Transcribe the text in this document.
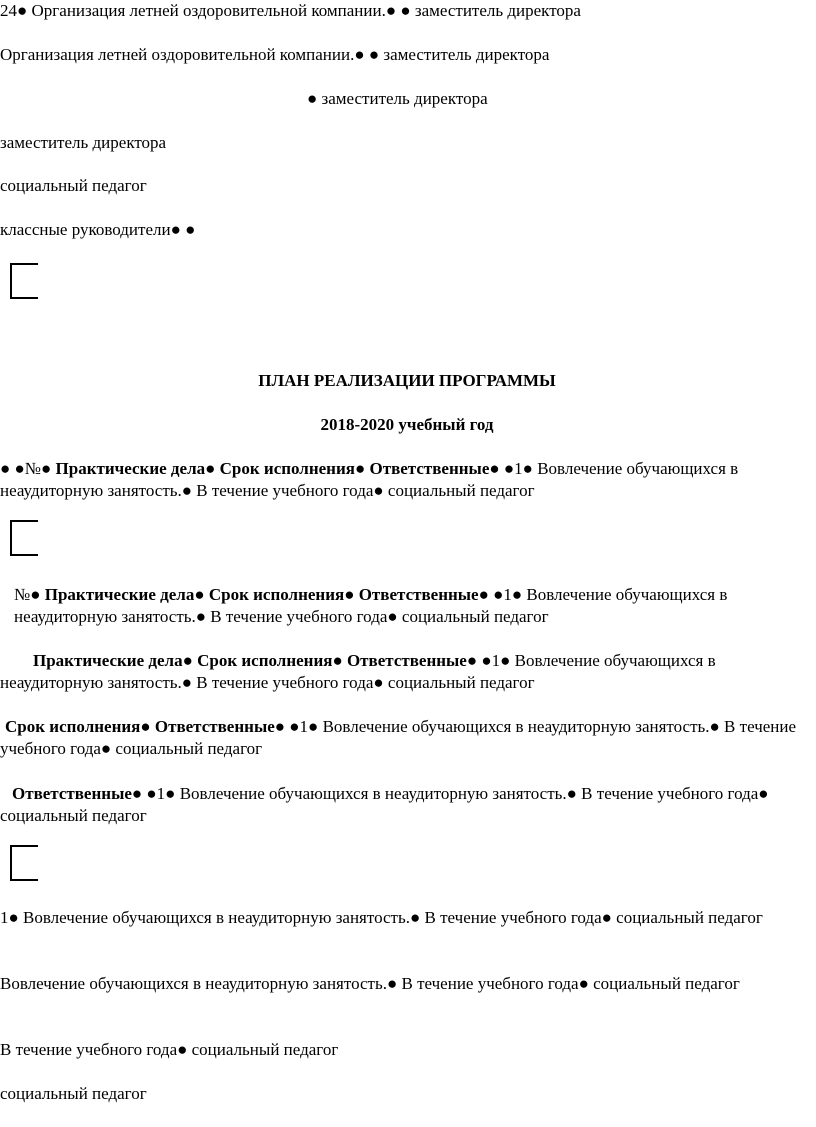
24● Организация летней оздоровительной компании.● ● заместитель директора
Организация летней оздоровительной компании.● ● заместитель директора
● заместитель директора
заместитель директора
социальный педагог
классные руководители● ●
ПЛАН РЕАЛИЗАЦИИ ПРОГРАММЫ
2018-2020 учебный год
● ●№● Практические дела● Срок исполнения● Ответственные● ●1● Вовлечение обучающихся в неаудиторную занятость.● В течение учебного года● социальный педагог
№● Практические дела● Срок исполнения● Ответственные● ●1● Вовлечение обучающихся в неаудиторную занятость.● В течение учебного года● социальный педагог
Практические дела● Срок исполнения● Ответственные● ●1● Вовлечение обучающихся в неаудиторную занятость.● В течение учебного года● социальный педагог
Срок исполнения● Ответственные● ●1● Вовлечение обучающихся в неаудиторную занятость.● В течение учебного года● социальный педагог
Ответственные● ●1● Вовлечение обучающихся в неаудиторную занятость.● В течение учебного года● социальный педагог
1● Вовлечение обучающихся в неаудиторную занятость.● В течение учебного года● социальный педагог
Вовлечение обучающихся в неаудиторную занятость.● В течение учебного года● социальный педагог
В течение учебного года● социальный педагог
социальный педагог
